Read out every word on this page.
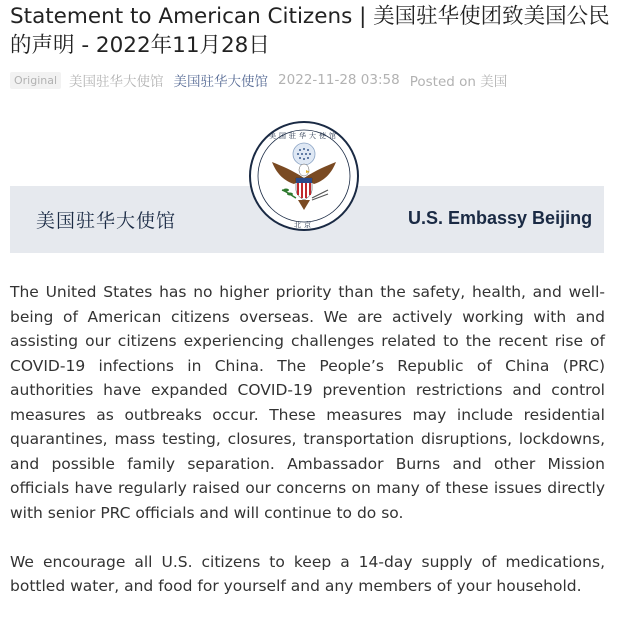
Statement to American Citizens | 美国驻华使团致美国公民的声明 - 2022年11月28日
Original 美国驻华大使馆 美国驻华大使馆 2022-11-28 03:58 Posted on 美国
美国驻华大使馆	U.S. Embassy Beijing
美国驻华大使馆
北京

The United States has no higher priority than the safety, health, and well-being of American citizens overseas. We are actively working with and assisting our citizens experiencing challenges related to the recent rise of COVID-19 infections in China. The People’s Republic of China (PRC) authorities have expanded COVID-19 prevention restrictions and control measures as outbreaks occur. These measures may include residential quarantines, mass testing, closures, transportation disruptions, lockdowns, and possible family separation. Ambassador Burns and other Mission officials have regularly raised our concerns on many of these issues directly with senior PRC officials and will continue to do so.

We encourage all U.S. citizens to keep a 14-day supply of medications, bottled water, and food for yourself and any members of your household.
